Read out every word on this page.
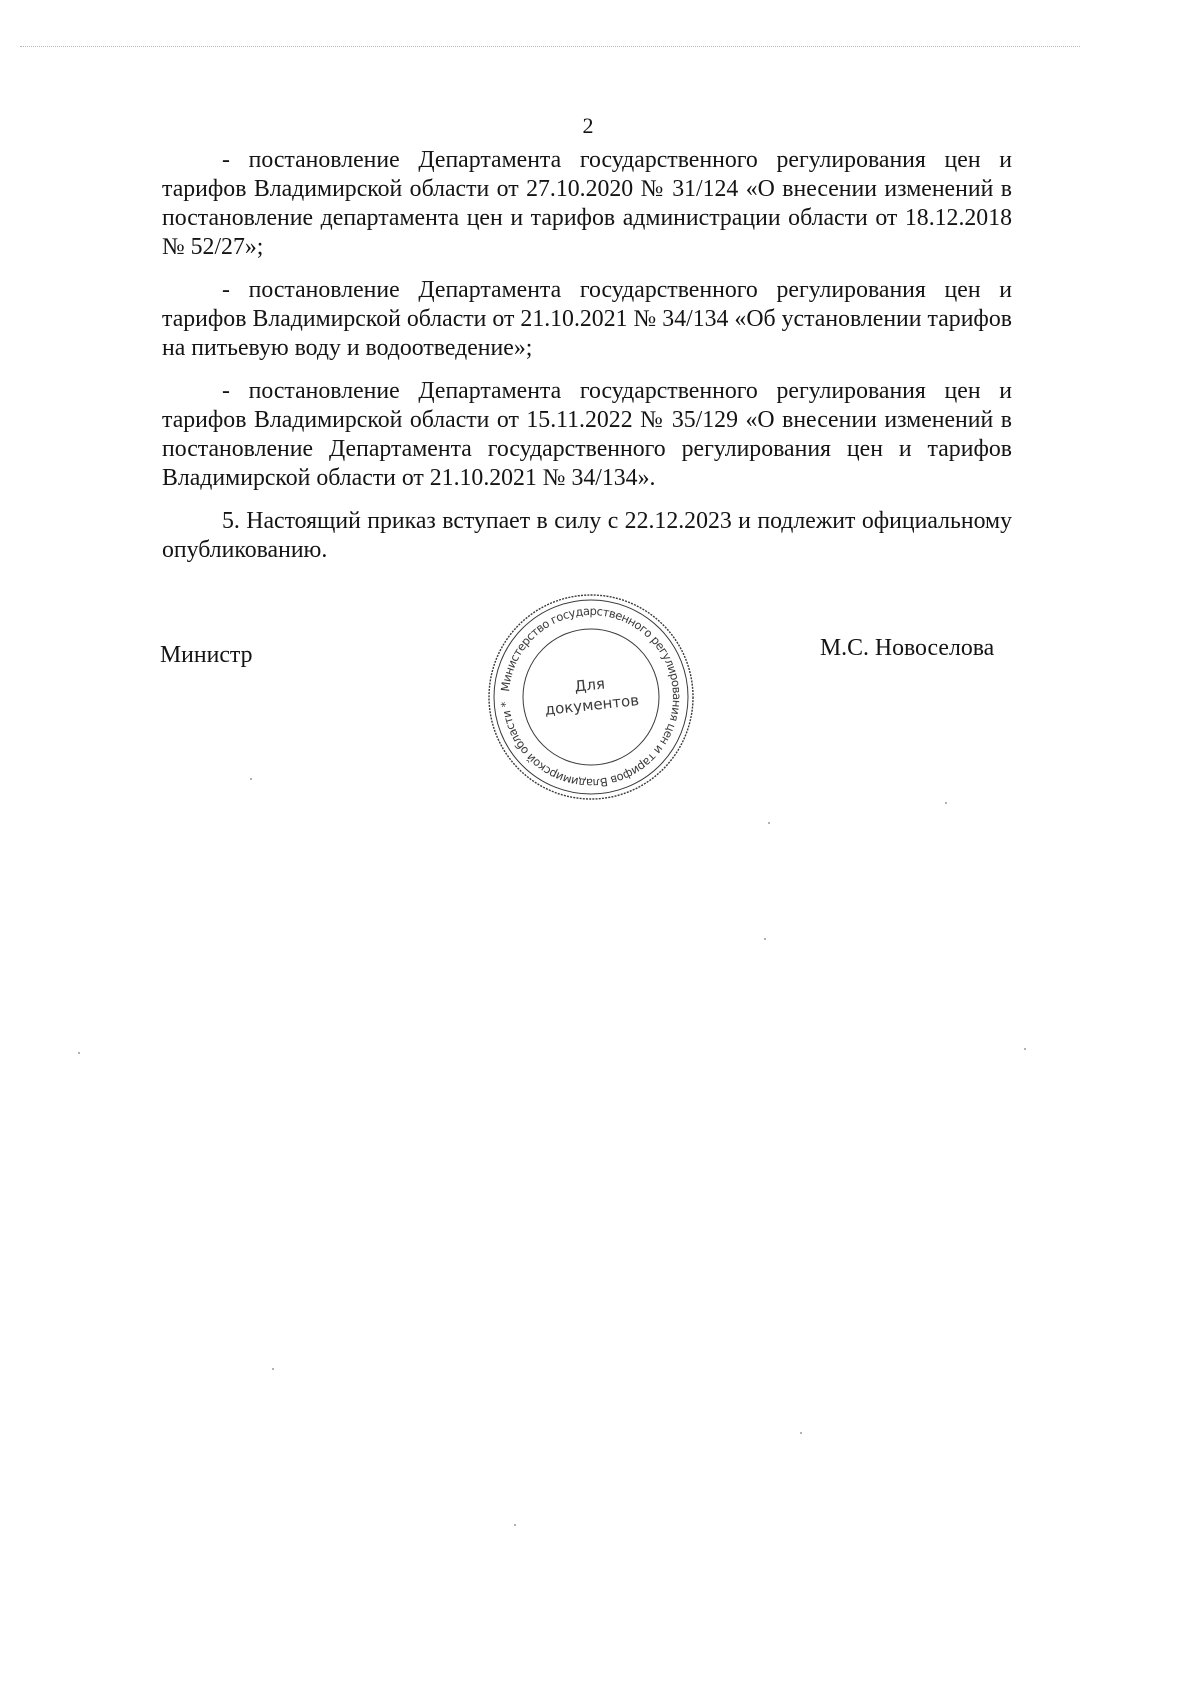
2

- постановление Департамента государственного регулирования цен и тарифов Владимирской области от 27.10.2020 № 31/124 «О внесении изменений в постановление департамента цен и тарифов администрации области от 18.12.2018 № 52/27»;

- постановление Департамента государственного регулирования цен и тарифов Владимирской области от 21.10.2021 № 34/134 «Об установлении тарифов на питьевую воду и водоотведение»;

- постановление Департамента государственного регулирования цен и тарифов Владимирской области от 15.11.2022 № 35/129 «О внесении изменений в постановление Департамента государственного регулирования цен и тарифов Владимирской области от 21.10.2021 № 34/134».

5. Настоящий приказ вступает в силу с 22.12.2023 и подлежит официальному опубликованию.

Министр
Министерство государственного регулирования цен и тарифов Владимирской области *
Для
документов
М.С. Новоселова
